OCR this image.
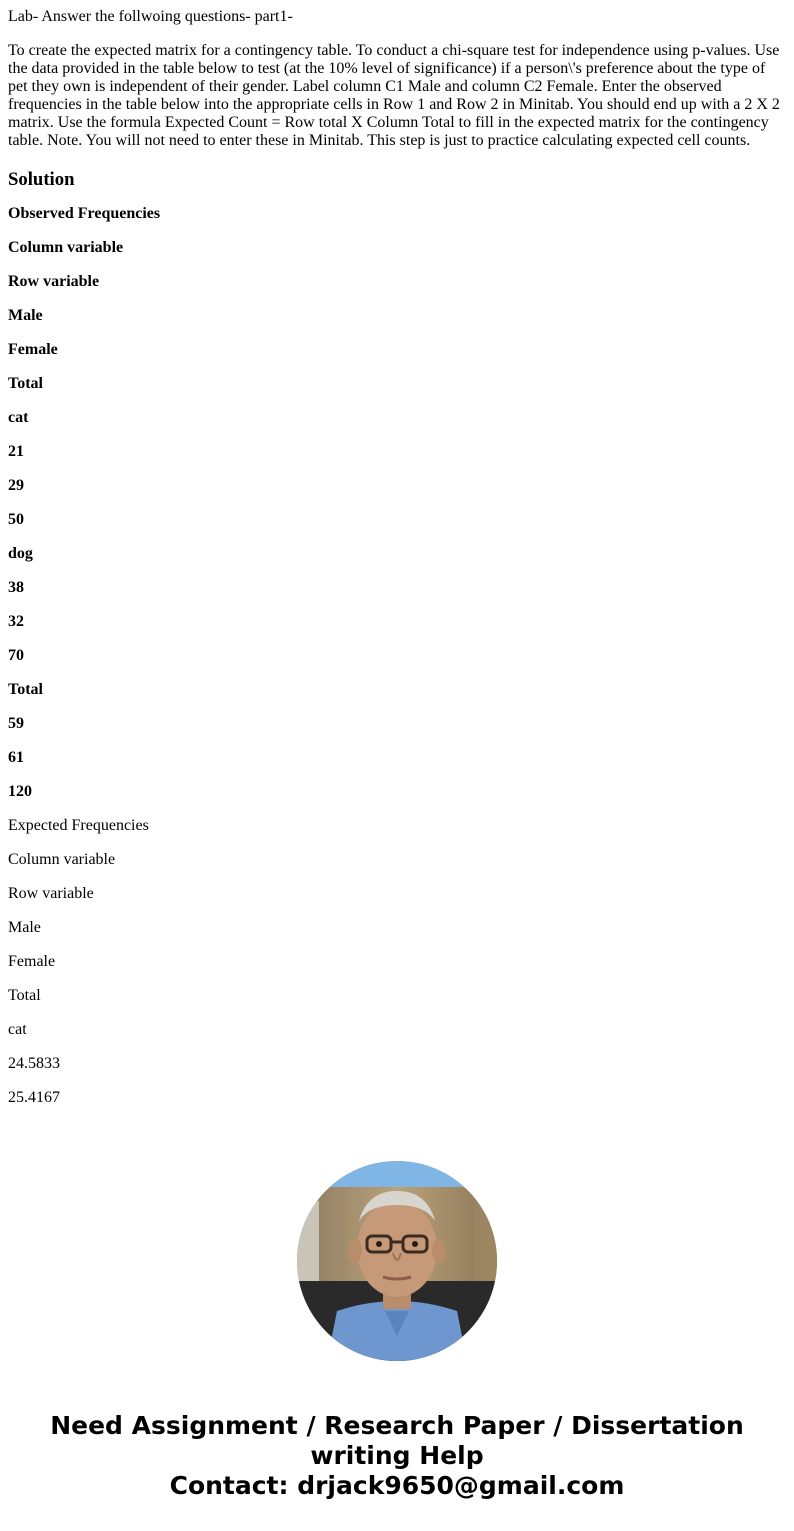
Lab- Answer the follwoing questions- part1-

To create the expected matrix for a contingency table. To conduct a chi-square test for independence using p-values. Use the data provided in the table below to test (at the 10% level of significance) if a person\'s preference about the type of pet they own is independent of their gender. Label column C1 Male and column C2 Female. Enter the observed frequencies in the table below into the appropriate cells in Row 1 and Row 2 in Minitab. You should end up with a 2 X 2 matrix. Use the formula Expected Count = Row total X Column Total to fill in the expected matrix for the contingency table. Note. You will not need to enter these in Minitab. This step is just to practice calculating expected cell counts.

Solution
Observed Frequencies
Column variable
Row variable
Male
Female
Total
cat
21
29
50
dog
38
32
70
Total
59
61
120
Expected Frequencies
Column variable
Row variable
Male
Female
Total
cat
24.5833
25.4167
Need Assignment / Research Paper / Dissertation
writing Help
Contact: drjack9650@gmail.com
